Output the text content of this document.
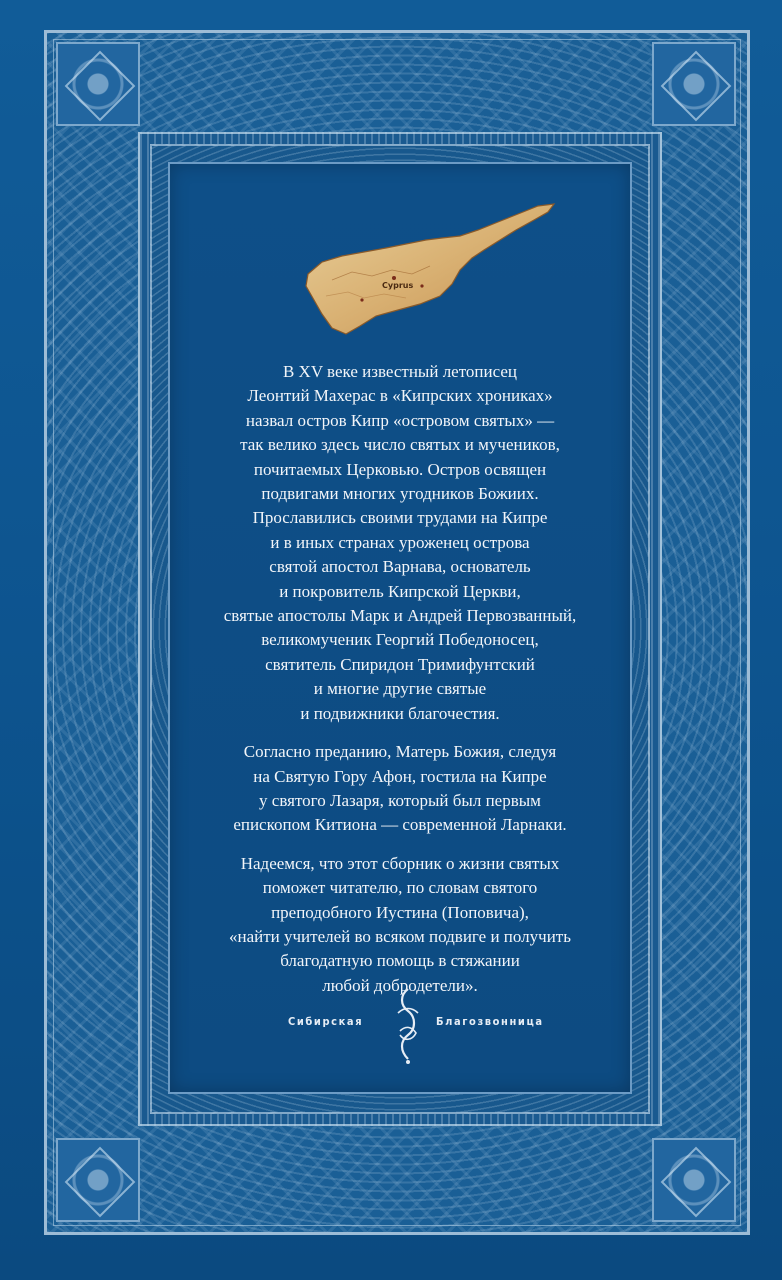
Cyprus

В XV веке известный летописец
Леонтий Махерас в «Кипрских хрониках»
назвал остров Кипр «островом святых» —
так велико здесь число святых и мучеников,
почитаемых Церковью. Остров освящен
подвигами многих угодников Божиих.
Прославились своими трудами на Кипре
и в иных странах уроженец острова
святой апостол Варнава, основатель
и покровитель Кипрской Церкви,
святые апостолы Марк и Андрей Первозванный,
великомученик Георгий Победоносец,
святитель Спиридон Тримифунтский
и многие другие святые
и подвижники благочестия.

Согласно преданию, Матерь Божия, следуя
на Святую Гору Афон, гостила на Кипре
у святого Лазаря, который был первым
епископом Китиона — современной Ларнаки.

Надеемся, что этот сборник о жизни святых
поможет читателю, по словам святого
преподобного Иустина (Поповича),
«найти учителей во всяком подвиге и получить
благодатную помощь в стяжании
любой добродетели».

Сибирская	Благозвонница
